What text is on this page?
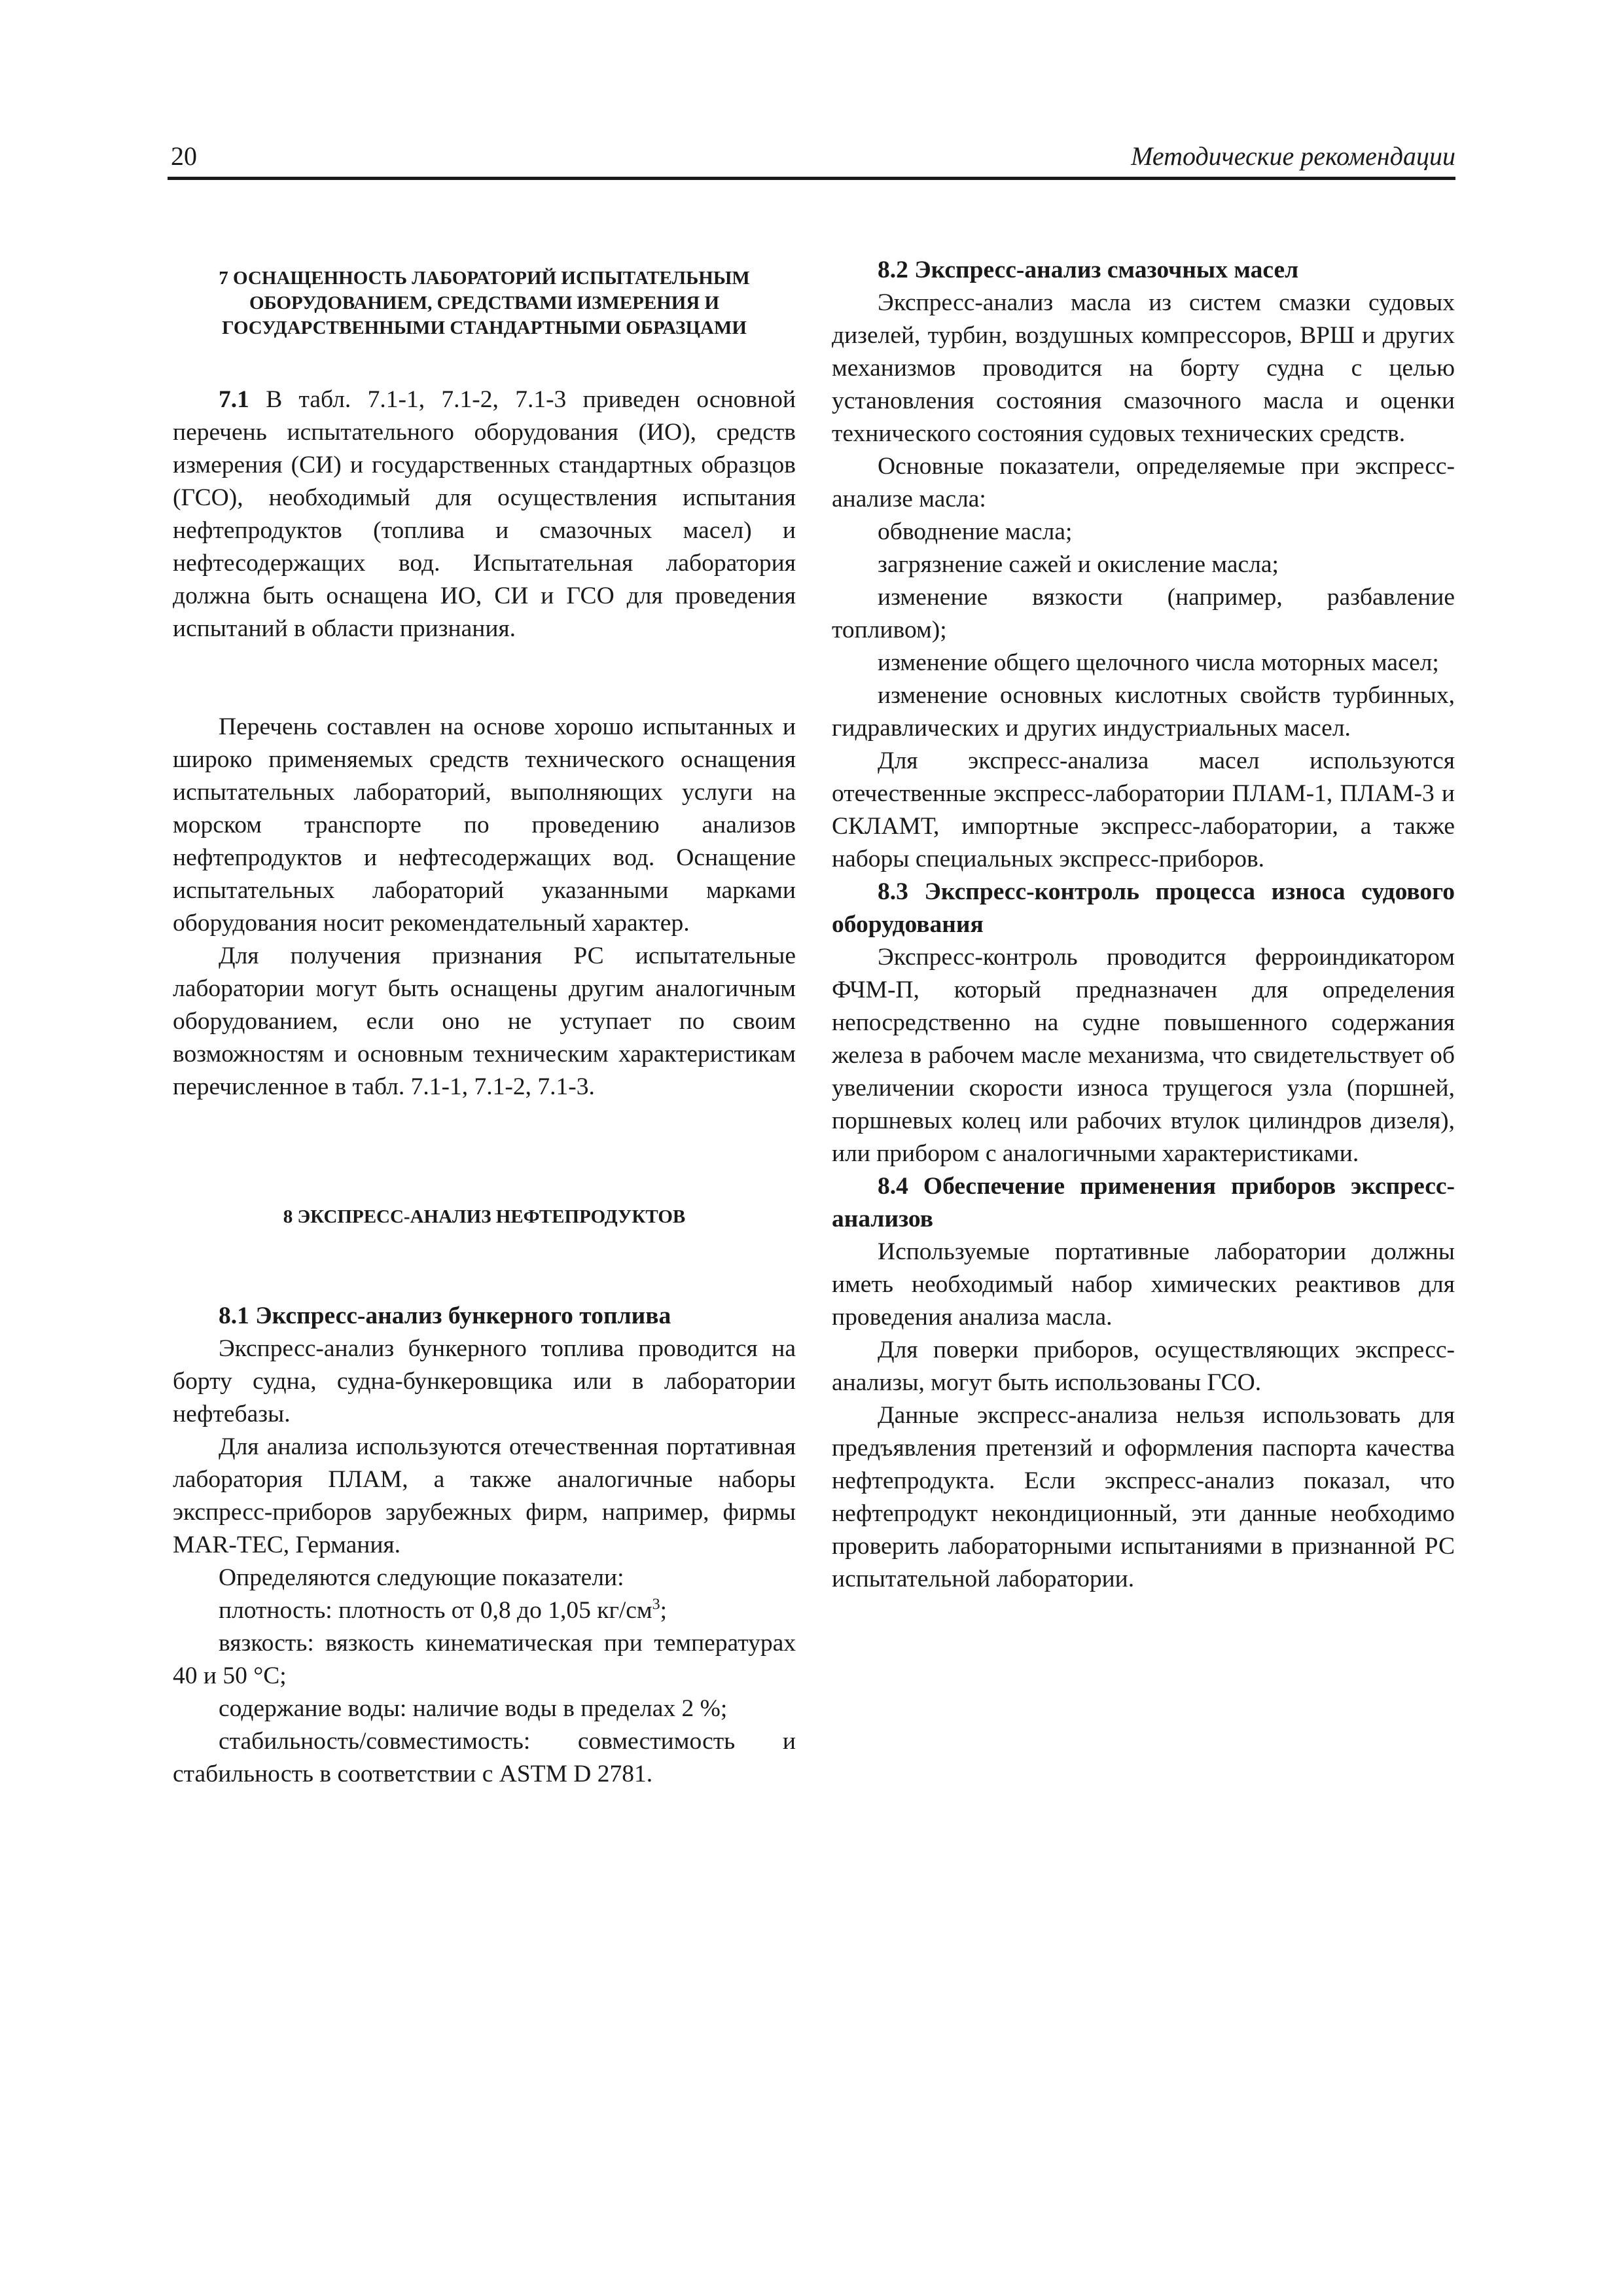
20	Методические рекомендации

7 ОСНАЩЕННОСТЬ ЛАБОРАТОРИЙ ИСПЫТАТЕЛЬНЫМ ОБОРУДОВАНИЕМ, СРЕДСТВАМИ ИЗМЕРЕНИЯ И ГОСУДАРСТВЕННЫМИ СТАНДАРТНЫМИ ОБРАЗЦАМИ

7.1 В табл. 7.1-1, 7.1-2, 7.1-3 приведен основной перечень испытательного оборудования (ИО), средств измерения (СИ) и государственных стандартных образцов (ГСО), необходимый для осуществления испытания нефтепродуктов (топлива и смазочных масел) и нефтесодержащих вод. Испытательная лаборатория должна быть оснащена ИО, СИ и ГСО для проведения испытаний в области признания.

Перечень составлен на основе хорошо испытанных и широко применяемых средств технического оснащения испытательных лабораторий, выполняющих услуги на морском транспорте по проведению анализов нефтепродуктов и нефтесодержащих вод. Оснащение испытательных лабораторий указанными марками оборудования носит рекомендательный характер.

Для получения признания РС испытательные лаборатории могут быть оснащены другим аналогичным оборудованием, если оно не уступает по своим возможностям и основным техническим характеристикам перечисленное в табл. 7.1-1, 7.1-2, 7.1-3.

8 ЭКСПРЕСС-АНАЛИЗ НЕФТЕПРОДУКТОВ

8.1 Экспресс-анализ бункерного топлива

Экспресс-анализ бункерного топлива проводится на борту судна, судна-бункеровщика или в лаборатории нефтебазы.

Для анализа используются отечественная портативная лаборатория ПЛАМ, а также аналогичные наборы экспресс-приборов зарубежных фирм, например, фирмы MAR-TEC, Германия.

Определяются следующие показатели:

плотность: плотность от 0,8 до 1,05 $кг/см^3$;

вязкость: вязкость кинематическая при температурах 40 и 50 °C;

содержание воды: наличие воды в пределах 2 %;

стабильность/совместимость: совместимость и стабильность в соответствии с ASTM D 2781.

8.2 Экспресс-анализ смазочных масел

Экспресс-анализ масла из систем смазки судовых дизелей, турбин, воздушных компрессоров, ВРШ и других механизмов проводится на борту судна с целью установления состояния смазочного масла и оценки технического состояния судовых технических средств.

Основные показатели, определяемые при экспресс-анализе масла:

обводнение масла;

загрязнение сажей и окисление масла;

изменение вязкости (например, разбавление топливом);

изменение общего щелочного числа моторных масел;

изменение основных кислотных свойств турбинных, гидравлических и других индустриальных масел.

Для экспресс-анализа масел используются отечественные экспресс-лаборатории ПЛАМ-1, ПЛАМ-3 и СКЛАМТ, импортные экспресс-лаборатории, а также наборы специальных экспресс-приборов.

8.3 Экспресс-контроль процесса износа судового оборудования

Экспресс-контроль проводится ферроиндикатором ФЧМ-П, который предназначен для определения непосредственно на судне повышенного содержания железа в рабочем масле механизма, что свидетельствует об увеличении скорости износа трущегося узла (поршней, поршневых колец или рабочих втулок цилиндров дизеля), или прибором с аналогичными характеристиками.

8.4 Обеспечение применения приборов экспресс-анализов

Используемые портативные лаборатории должны иметь необходимый набор химических реактивов для проведения анализа масла.

Для поверки приборов, осуществляющих экспресс-анализы, могут быть использованы ГСО.

Данные экспресс-анализа нельзя использовать для предъявления претензий и оформления паспорта качества нефтепродукта. Если экспресс-анализ показал, что нефтепродукт некондиционный, эти данные необходимо проверить лабораторными испытаниями в признанной РС испытательной лаборатории.
